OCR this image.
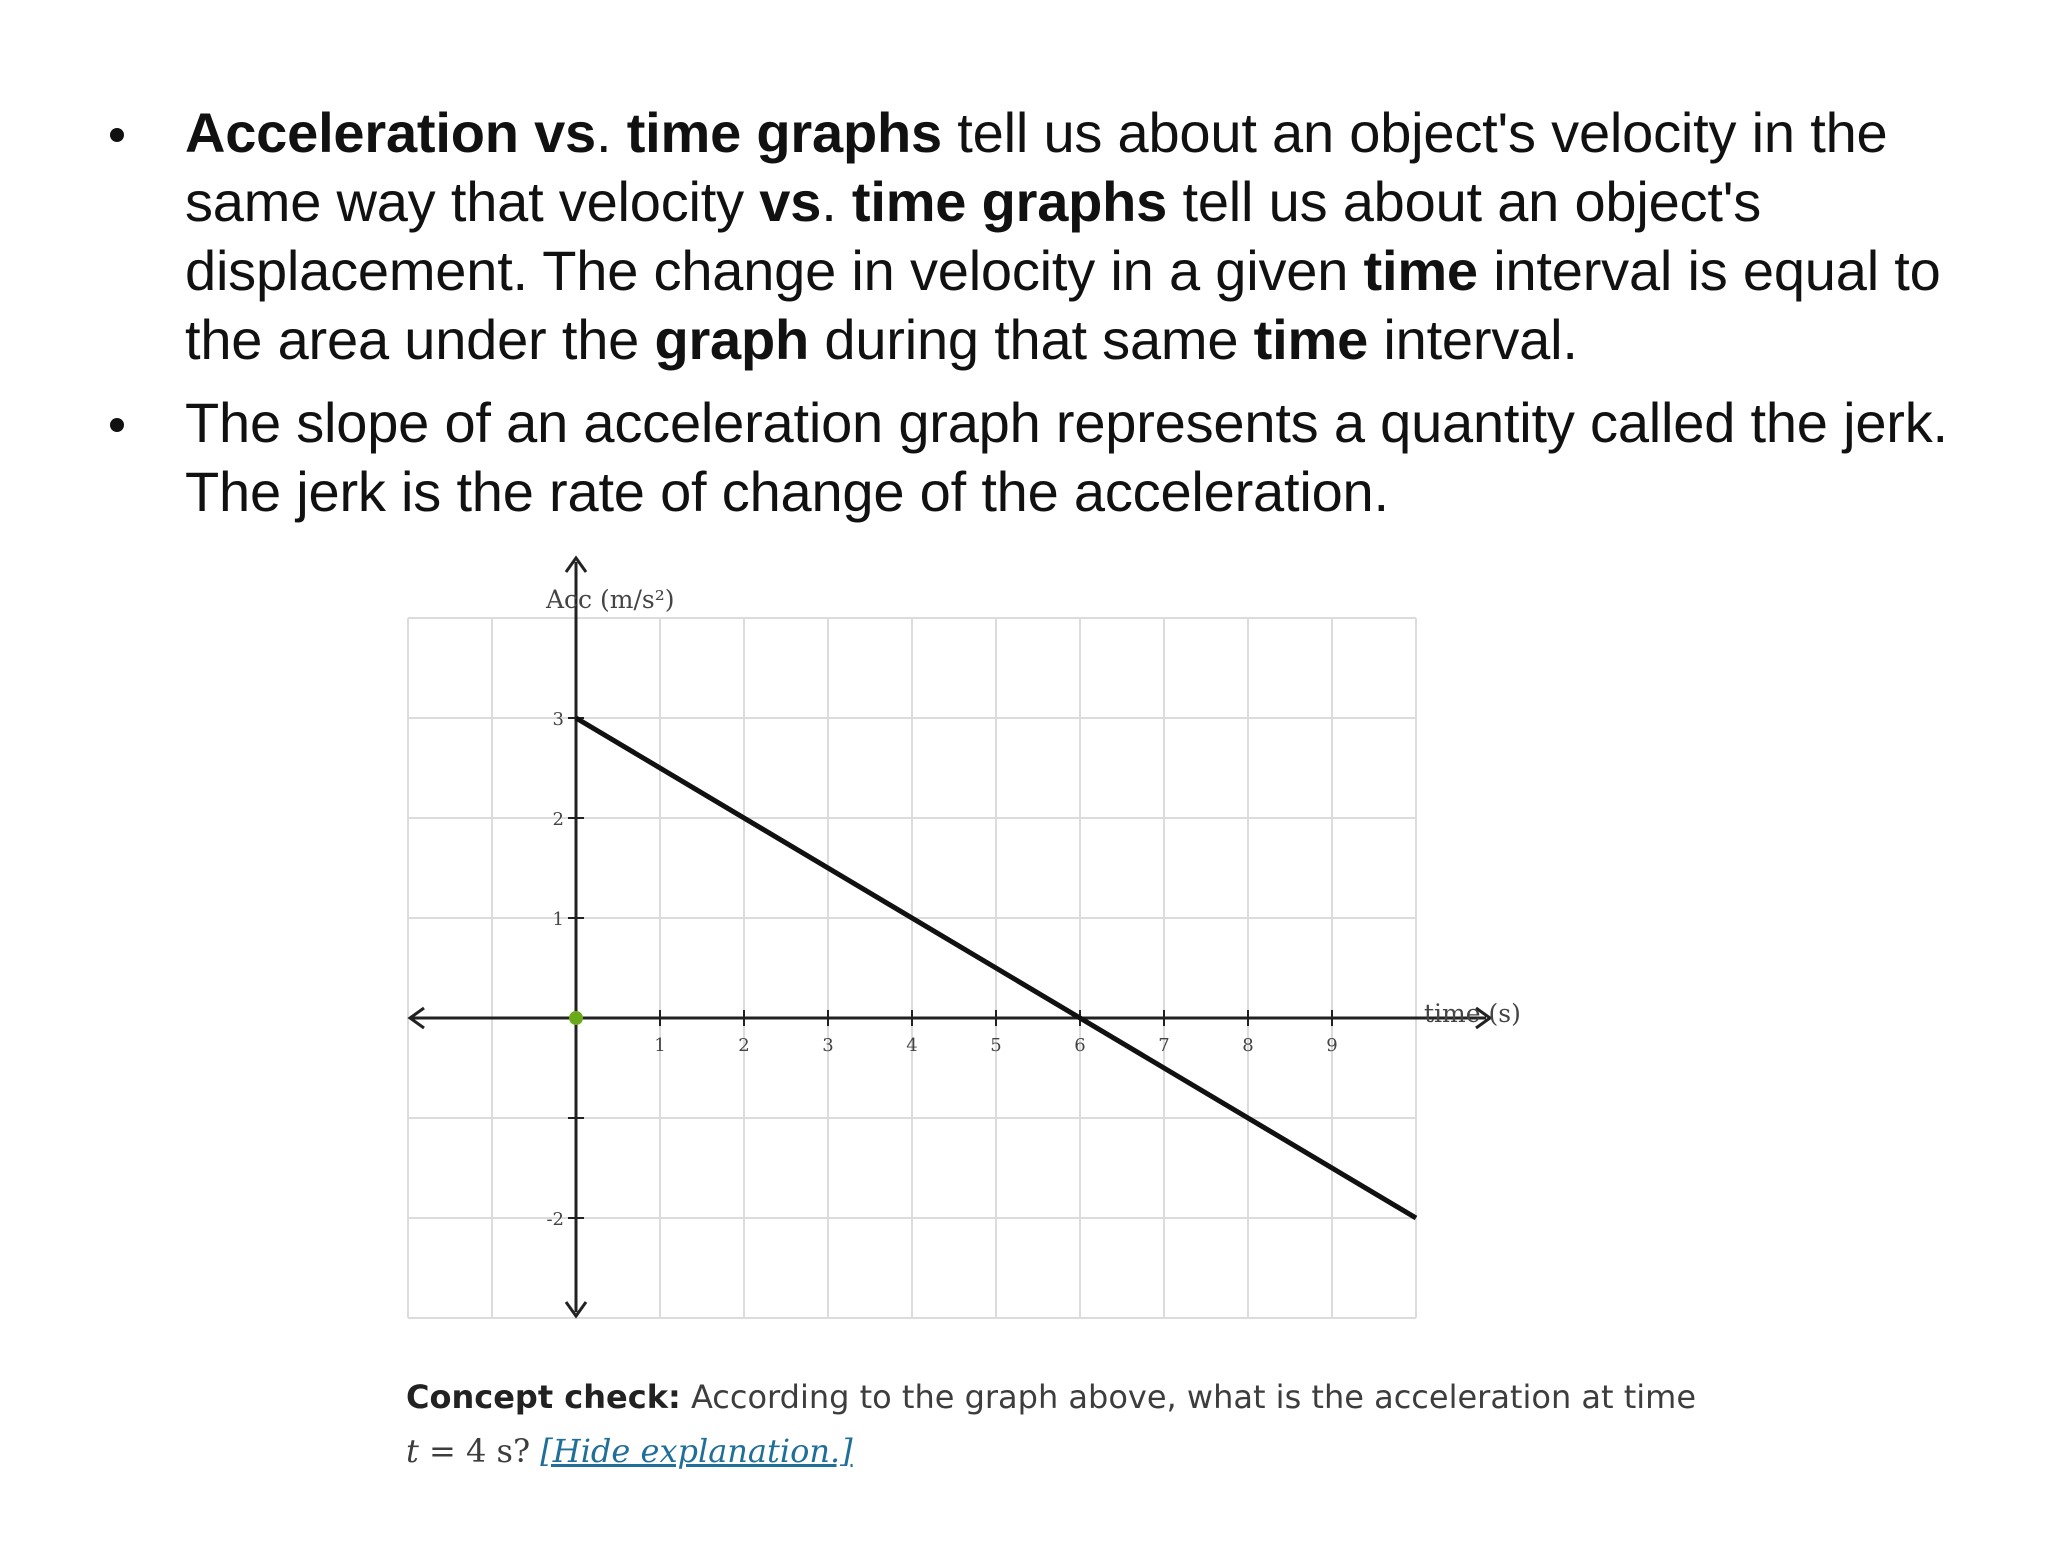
Acceleration vs. time graphs tell us about an object's velocity in the same way that velocity vs. time graphs tell us about an object's displacement. The change in velocity in a given time interval is equal to the area under the graph during that same time interval.
The slope of an acceleration graph represents a quantity called the jerk. The jerk is the rate of change of the acceleration.
1	2	3	4	5	6	7	8	9
3
2
1
-2
Acc (m/s²)
time (s)
Concept check: According to the graph above, what is the acceleration at time
t = 4 s? [Hide explanation.]
